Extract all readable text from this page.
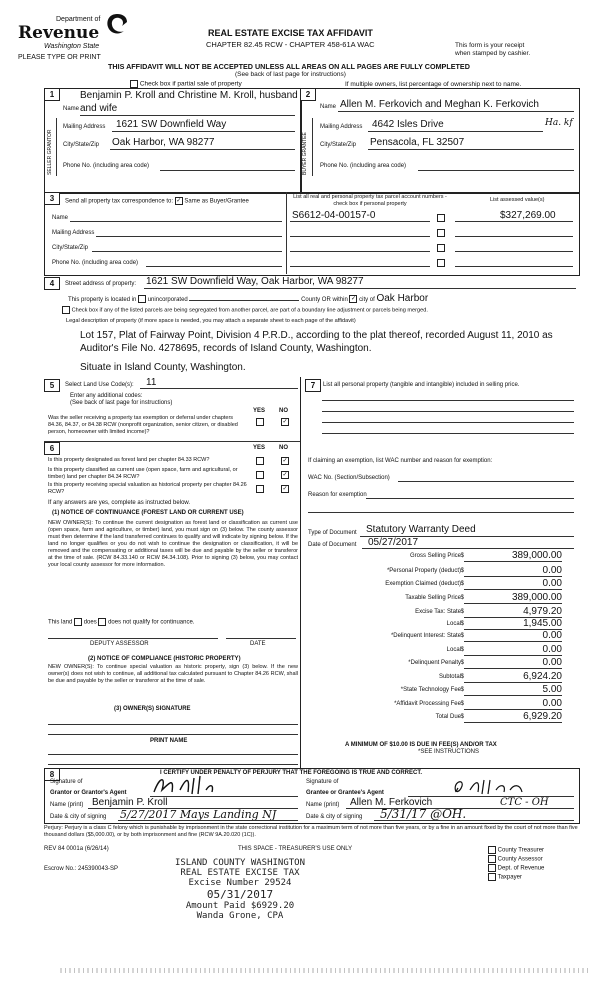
Department of
Revenue
Washington State
PLEASE TYPE OR PRINT
REAL ESTATE EXCISE TAX AFFIDAVIT
CHAPTER 82.45 RCW - CHAPTER 458-61A WAC	This form is your receipt
when stamped by cashier.
THIS AFFIDAVIT WILL NOT BE ACCEPTED UNLESS ALL AREAS ON ALL PAGES ARE FULLY COMPLETED
(See back of last page for instructions)
Check box if partial sale of property	If multiple owners, list percentage of ownership next to name.
1	2
Name
Benjamin P. Kroll and Christine M. Kroll, husband
and wife
SELLER GRANTOR
Mailing Address 1621 SW Downfield Way
City/State/Zip Oak Harbor, WA 98277
Phone No. (including area code)
Name Allen M. Ferkovich and Meghan K. Ferkovich
Ha. kf
BUYER GRANTEE
Mailing Address 4642 Isles Drive
City/State/Zip Pensacola, FL 32507
Phone No. (including area code)
3	Send all property tax correspondence to: ✓ Same as Buyer/Grantee
List all real and personal property tax parcel account numbers - check box if personal property
List assessed value(s)
Name
Mailing Address
City/State/Zip
Phone No. (including area code)
S6612-04-00157-0	$327,269.00
4	Street address of property: 1621 SW Downfield Way, Oak Harbor, WA 98277
This property is located in unincorporated	County OR within ✓ city of Oak Harbor
Check box if any of the listed parcels are being segregated from another parcel, are part of a boundary line adjustment or parcels being merged.
Legal description of property (if more space is needed, you may attach a separate sheet to each page of the affidavit)
Lot 157, Plat of Fairway Point, Division 4 P.R.D., according to the plat thereof, recorded August 11, 2010 as
Auditor's File No. 4278695, records of Island County, Washington.
Situate in Island County, Washington.
5	Select Land Use Code(s): 11
Enter any additional codes:
(See back of last page for instructions)
YES NO
Was the seller receiving a property tax exemption or deferral under chapters 84.36, 84.37, or 84.38 RCW (nonprofit organization, senior citizen, or disabled person, homeowner with limited income)?
✓
6	YES NO
Is this property designated as forest land per chapter 84.33 RCW?	✓
Is this property classified as current use (open space, farm and agricultural, or timber) land per chapter 84.34 RCW?	✓
Is this property receiving special valuation as historical property per chapter 84.26 RCW?	✓
If any answers are yes, complete as instructed below.
(1) NOTICE OF CONTINUANCE (FOREST LAND OR CURRENT USE)
NEW OWNER(S): To continue the current designation as forest land or classification as current use (open space, farm and agriculture, or timber) land, you must sign on (3) below. The county assessor must then determine if the land transferred continues to qualify and will indicate by signing below. If the land no longer qualifies or you do not wish to continue the designation or classification, it will be removed and the compensating or additional taxes will be due and payable by the seller or transferor at the time of sale. (RCW 84.33.140 or RCW 84.34.108). Prior to signing (3) below, you may contact your local county assessor for more information.
This land does does not qualify for continuance.
DEPUTY ASSESSOR	DATE
(2) NOTICE OF COMPLIANCE (HISTORIC PROPERTY)
NEW OWNER(S): To continue special valuation as historic property, sign (3) below. If the new owner(s) does not wish to continue, all additional tax calculated pursuant to Chapter 84.26 RCW, shall be due and payable by the seller or transferor at the time of sale.
(3) OWNER(S) SIGNATURE
PRINT NAME
7	List all personal property (tangible and intangible) included in selling price.
If claiming an exemption, list WAC number and reason for exemption:
WAC No. (Section/Subsection)
Reason for exemption
Type of Document Statutory Warranty Deed
Date of Document 05/27/2017
Gross Selling Price $	389,000.00
*Personal Property (deduct) $	0.00
Exemption Claimed (deduct) $	0.00
Taxable Selling Price $	389,000.00
Excise Tax: State $	4,979.20
Local $	1,945.00
*Delinquent Interest: State $	0.00
Local $	0.00
*Delinquent Penalty $	0.00
Subtotal $	6,924.20
*State Technology Fee $	5.00
*Affidavit Processing Fee $	0.00
Total Due $	6,929.20
A MINIMUM OF $10.00 IS DUE IN FEE(S) AND/OR TAX
*SEE INSTRUCTIONS
8	I CERTIFY UNDER PENALTY OF PERJURY THAT THE FOREGOING IS TRUE AND CORRECT.
Signature of
Grantor or Grantor's Agent
Name (print) Benjamin P. Kroll
Date & city of signing 5/27/2017 Mays Landing NJ
Signature of
Grantee or Grantee's Agent
Name (print) Allen M. Ferkovich	CTC - OH
Date & city of signing 5/31/17 @OH.
Perjury: Perjury is a class C felony which is punishable by imprisonment in the state correctional institution for a maximum term of not more than five years, or by a fine in an amount fixed by the court of not more than five thousand dollars ($5,000.00), or by both imprisonment and fine (RCW 9A.20.020 (1C)).
REV 84 0001a (6/26/14)	THIS SPACE - TREASURER'S USE ONLY
Escrow No.: 245390043-SP
County Treasurer
County Assessor
Dept. of Revenue
Taxpayer
ISLAND COUNTY WASHINGTON
REAL ESTATE EXCISE TAX
Excise Number 29524
05/31/2017
Amount Paid $6929.20
Wanda Grone, CPA
